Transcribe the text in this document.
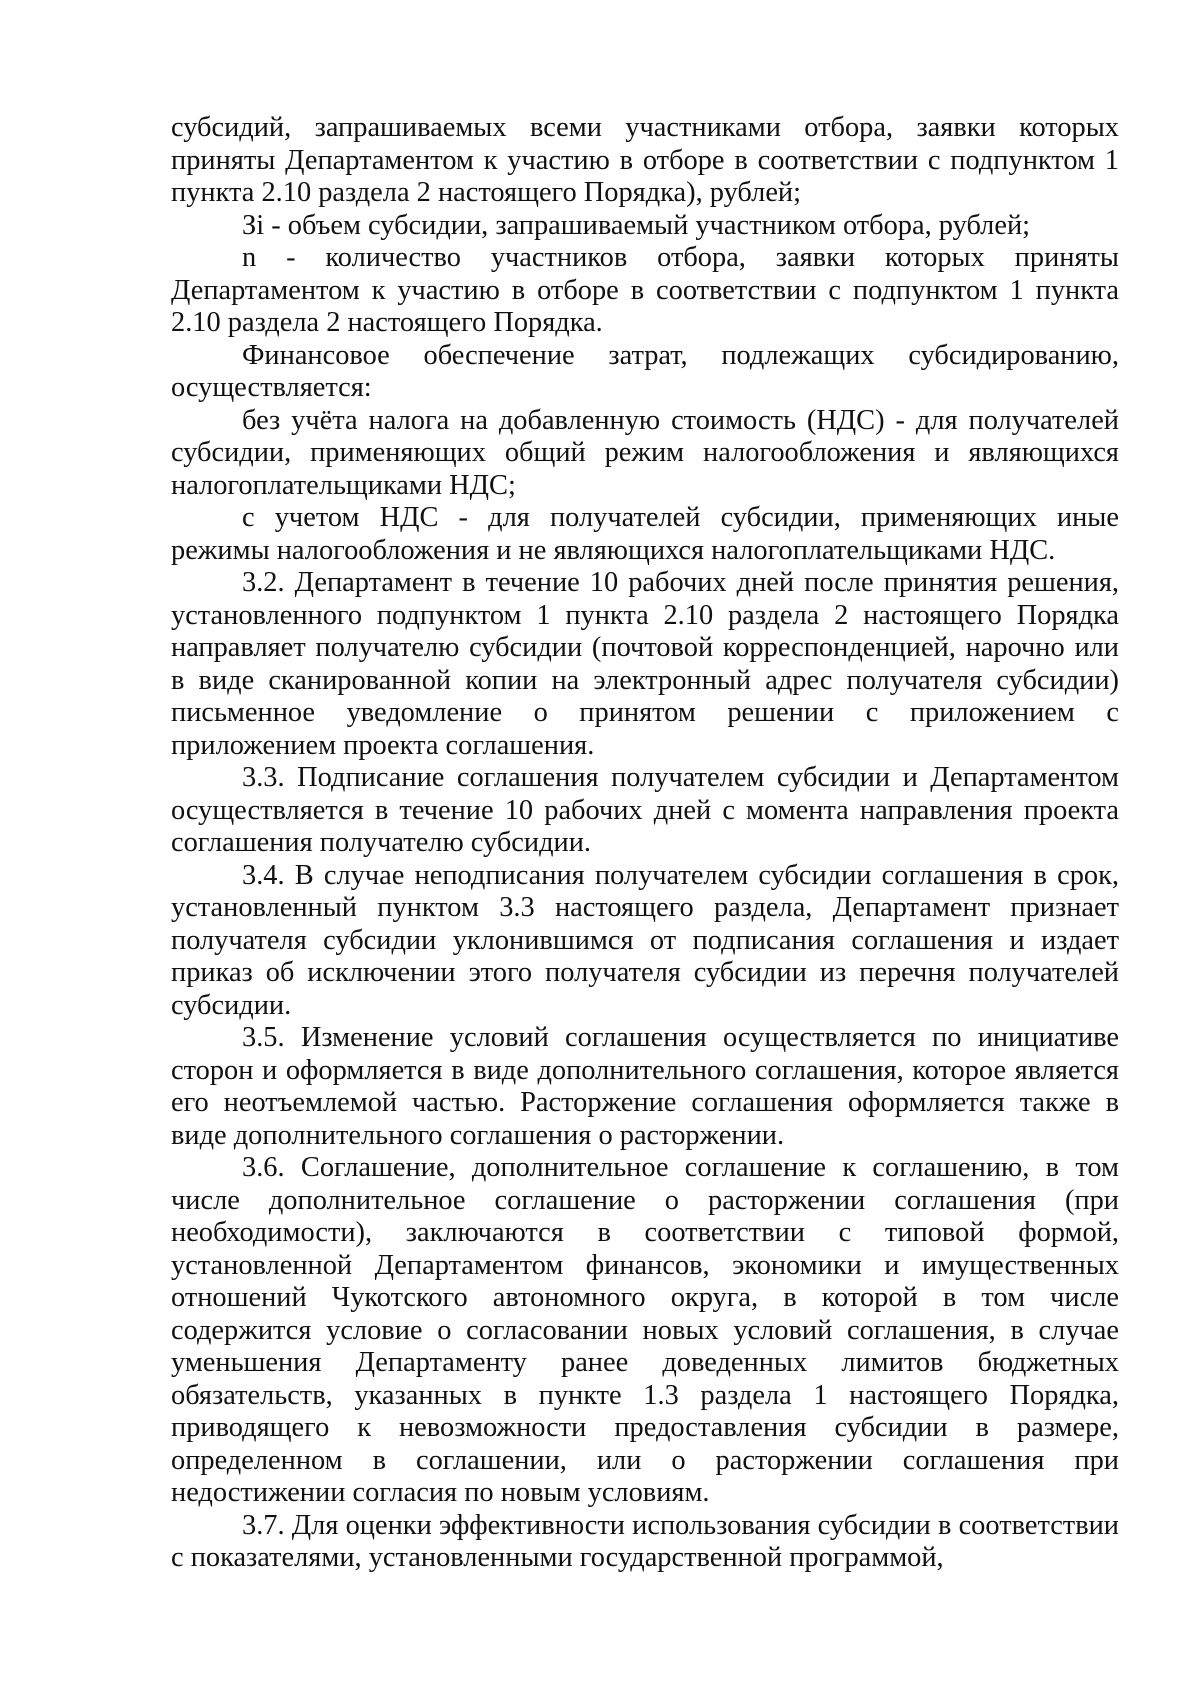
субсидий, запрашиваемых всеми участниками отбора, заявки которых приняты Департаментом к участию в отборе в соответствии с подпунктом 1 пункта 2.10 раздела 2 настоящего Порядка), рублей;

Зi - объем субсидии, запрашиваемый участником отбора, рублей;

n - количество участников отбора, заявки которых приняты Департаментом к участию в отборе в соответствии с подпунктом 1 пункта 2.10 раздела 2 настоящего Порядка.

Финансовое обеспечение затрат, подлежащих субсидированию, осуществляется:

без учёта налога на добавленную стоимость (НДС) - для получателей субсидии, применяющих общий режим налогообложения и являющихся налогоплательщиками НДС;

с учетом НДС - для получателей субсидии, применяющих иные режимы налогообложения и не являющихся налогоплательщиками НДС.

3.2. Департамент в течение 10 рабочих дней после принятия решения, установленного подпунктом 1 пункта 2.10 раздела 2 настоящего Порядка направляет получателю субсидии (почтовой корреспонденцией, нарочно или в виде сканированной копии на электронный адрес получателя субсидии) письменное уведомление о принятом решении с приложением с приложением проекта соглашения.

3.3. Подписание соглашения получателем субсидии и Департаментом осуществляется в течение 10 рабочих дней с момента направления проекта соглашения получателю субсидии.

3.4. В случае неподписания получателем субсидии соглашения в срок, установленный пунктом 3.3 настоящего раздела, Департамент признает получателя субсидии уклонившимся от подписания соглашения и издает приказ об исключении этого получателя субсидии из перечня получателей субсидии.

3.5. Изменение условий соглашения осуществляется по инициативе сторон и оформляется в виде дополнительного соглашения, которое является его неотъемлемой частью. Расторжение соглашения оформляется также в виде дополнительного соглашения о расторжении.

3.6. Соглашение, дополнительное соглашение к соглашению, в том числе дополнительное соглашение о расторжении соглашения (при необходимости), заключаются в соответствии с типовой формой, установленной Департаментом финансов, экономики и имущественных отношений Чукотского автономного округа, в которой в том числе содержится условие о согласовании новых условий соглашения, в случае уменьшения Департаменту ранее доведенных лимитов бюджетных обязательств, указанных в пункте 1.3 раздела 1 настоящего Порядка, приводящего к невозможности предоставления субсидии в размере, определенном в соглашении, или о расторжении соглашения при недостижении согласия по новым условиям.

3.7. Для оценки эффективности использования субсидии в соответствии с показателями, установленными государственной программой,
